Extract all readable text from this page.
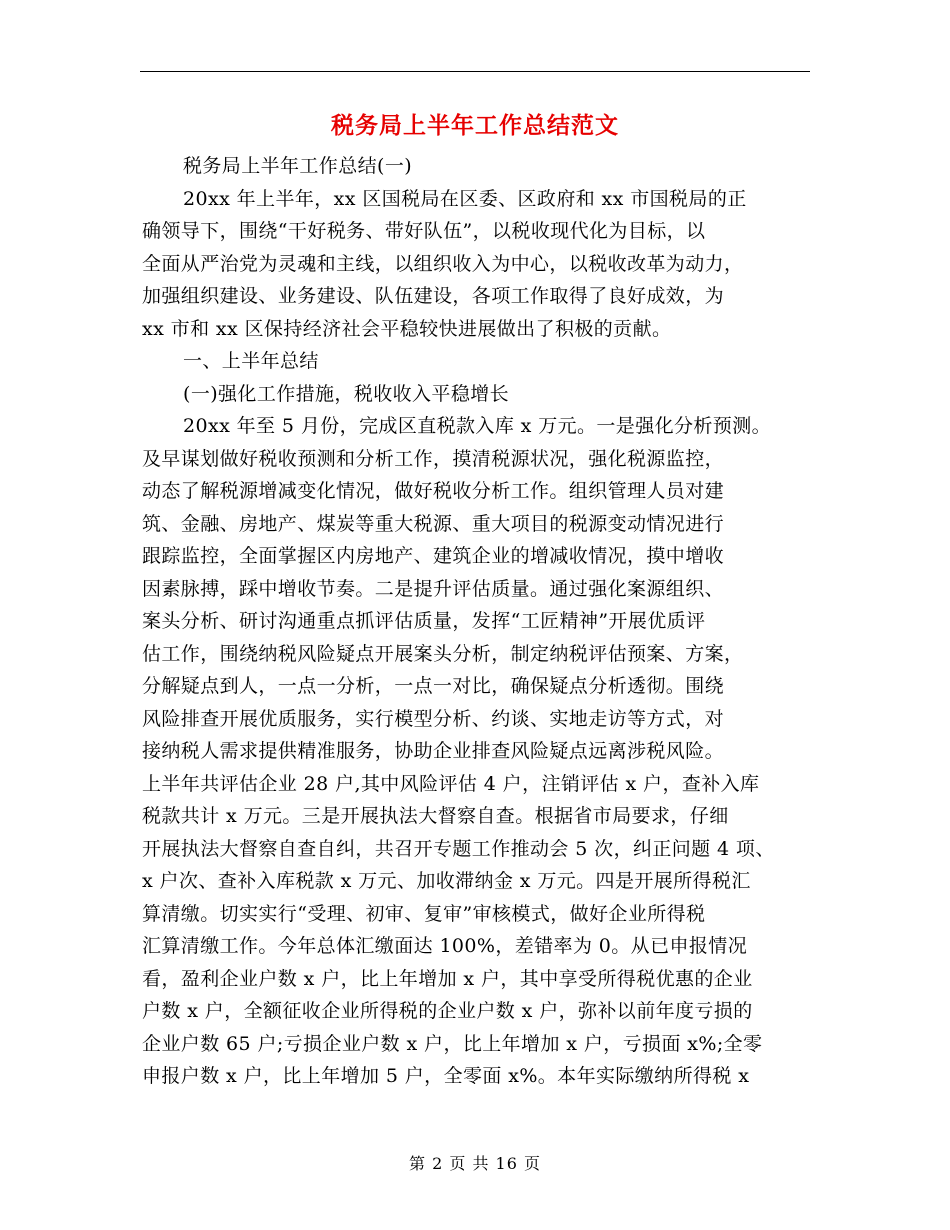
税务局上半年工作总结范文
税务局上半年工作总结(一)
20xx 年上半年，xx 区国税局在区委、区政府和 xx 市国税局的正
确领导下，围绕“干好税务、带好队伍”，以税收现代化为目标，以
全面从严治党为灵魂和主线，以组织收入为中心，以税收改革为动力，
加强组织建设、业务建设、队伍建设，各项工作取得了良好成效，为
xx 市和 xx 区保持经济社会平稳较快进展做出了积极的贡献。
一、上半年总结
(一)强化工作措施，税收收入平稳增长
20xx 年至 5 月份，完成区直税款入库 x 万元。一是强化分析预测。
及早谋划做好税收预测和分析工作，摸清税源状况，强化税源监控，
动态了解税源增减变化情况，做好税收分析工作。组织管理人员对建
筑、金融、房地产、煤炭等重大税源、重大项目的税源变动情况进行
跟踪监控，全面掌握区内房地产、建筑企业的增减收情况，摸中增收
因素脉搏，踩中增收节奏。二是提升评估质量。通过强化案源组织、
案头分析、研讨沟通重点抓评估质量，发挥“工匠精神”开展优质评
估工作，围绕纳税风险疑点开展案头分析，制定纳税评估预案、方案，
分解疑点到人，一点一分析，一点一对比，确保疑点分析透彻。围绕
风险排查开展优质服务，实行模型分析、约谈、实地走访等方式，对
接纳税人需求提供精准服务，协助企业排查风险疑点远离涉税风险。
上半年共评估企业 28 户,其中风险评估 4 户，注销评估 x 户，查补入库
税款共计 x 万元。三是开展执法大督察自查。根据省市局要求，仔细
开展执法大督察自查自纠，共召开专题工作推动会 5 次，纠正问题 4 项、
x 户次、查补入库税款 x 万元、加收滞纳金 x 万元。四是开展所得税汇
算清缴。切实实行“受理、初审、复审”审核模式，做好企业所得税
汇算清缴工作。今年总体汇缴面达 100%，差错率为 0。从已申报情况
看，盈利企业户数 x 户，比上年增加 x 户，其中享受所得税优惠的企业
户数 x 户，全额征收企业所得税的企业户数 x 户，弥补以前年度亏损的
企业户数 65 户;亏损企业户数 x 户，比上年增加 x 户，亏损面 x%;全零
申报户数 x 户，比上年增加 5 户，全零面 x%。本年实际缴纳所得税 x
第 2 页 共 16 页
